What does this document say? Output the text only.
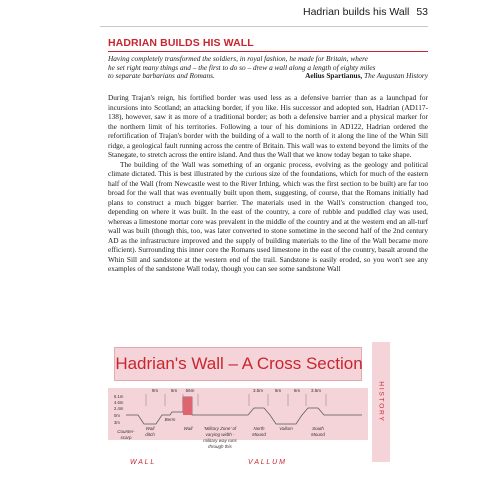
Hadrian builds his Wall 53
HADRIAN BUILDS HIS WALL
Having completely transformed the soldiers, in royal fashion, he made for Britain, where
he set right many things and – the first to do so – drew a wall along a length of eighty miles
to separate barbarians and Romans.	Aelius Spartianus, The Augustan History

During Trajan's reign, his fortified border was used less as a defensive barrier than as a launchpad for incursions into Scotland; an attacking border, if you like. His successor and adopted son, Hadrian (AD117-138), however, saw it as more of a traditional border; as both a defensive barrier and a physical marker for the northern limit of his territories. Following a tour of his dominions in AD122, Hadrian ordered the refortification of Trajan's border with the building of a wall to the north of it along the line of the Whin Sill ridge, a geological fault running across the centre of Britain. This wall was to extend beyond the limits of the Stanegate, to stretch across the entire island. And thus the Wall that we know today began to take shape.

The building of the Wall was something of an organic process, evolving as the geology and political climate dictated. This is best illustrated by the curious size of the foundations, which for much of the eastern half of the Wall (from Newcastle west to the River Irthing, which was the first section to be built) are far too broad for the wall that was eventually built upon them, suggesting, of course, that the Romans initially had plans to construct a much bigger barrier. The materials used in the Wall's construction changed too, depending on where it was built. In the east of the country, a core of rubble and puddled clay was used, whereas a limestone mortar core was prevalent in the middle of the country and at the western end an all-turf wall was built (though this, too, was later converted to stone sometime in the second half of the 2nd century AD as the infrastructure improved and the supply of building materials to the line of the Wall became more efficient). Surrounding this inner core the Romans used limestone in the east of the country, basalt around the Whin Sill and sandstone at the western end of the trail. Sandstone is easily eroded, so you won't see any examples of the sandstone Wall today, though you can see some sandstone Wall

Hadrian's Wall – A Cross Section
9m	6m 56m	3.5m	6m	6m 3.5m
6.1m
4.6m
2.4m
0m
3m
Berm
Counter-
scarp
Wall
ditch
Wall	'Military Zone' of
varying width -
military way runs
through this
North
Mound
Vallum	South
Mound
W A L L	V A L L U M
HISTORY
